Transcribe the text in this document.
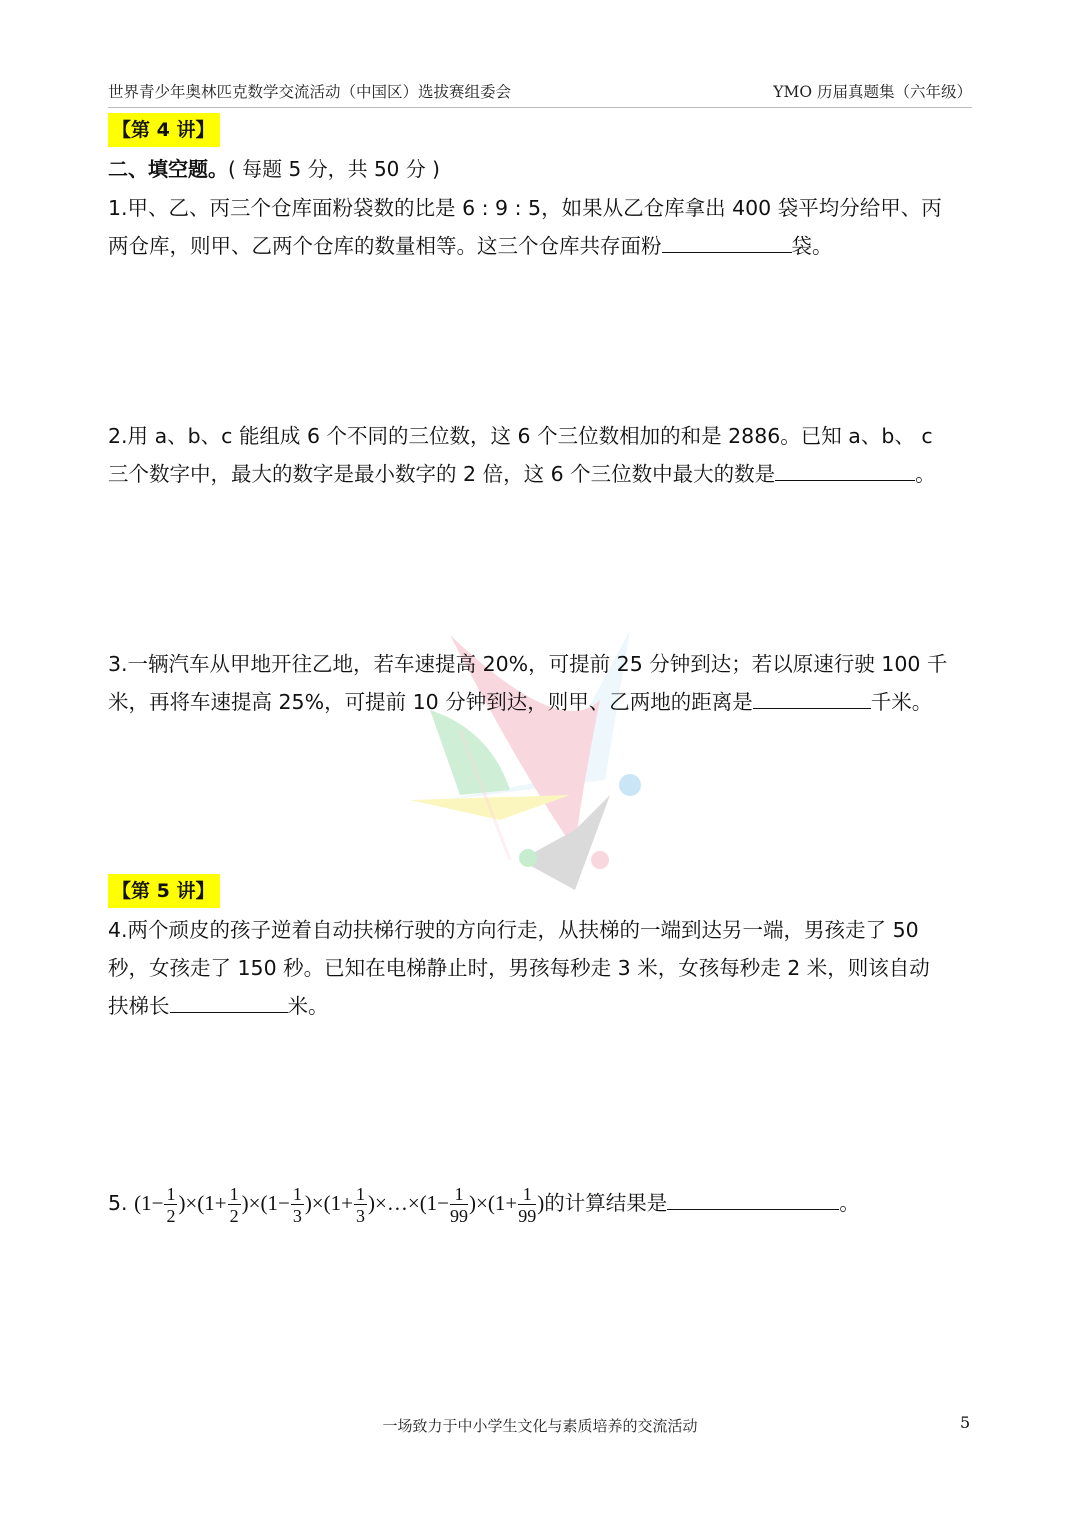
世界青少年奥林匹克数学交流活动（中国区）选拔赛组委会	YMO 历届真题集（六年级）
【第 4 讲】
二、填空题。( 每题 5 分，共 50 分 )
1.甲、乙、丙三个仓库面粉袋数的比是 6 : 9 : 5，如果从乙仓库拿出 400 袋平均分给甲、丙
两仓库，则甲、乙两个仓库的数量相等。这三个仓库共存面粉	袋。
2.用 a、b、c 能组成 6 个不同的三位数，这 6 个三位数相加的和是 2886。已知 a、b、 c
三个数字中，最大的数字是最小数字的 2 倍，这 6 个三位数中最大的数是	。
3.一辆汽车从甲地开往乙地，若车速提高 20%，可提前 25 分钟到达；若以原速行驶 100 千
米，再将车速提高 25%，可提前 10 分钟到达，则甲、乙两地的距离是	千米。
【第 5 讲】
4.两个顽皮的孩子逆着自动扶梯行驶的方向行走，从扶梯的一端到达另一端，男孩走了 50
秒，女孩走了 150 秒。已知在电梯静止时，男孩每秒走 3 米，女孩每秒走 2 米，则该自动
扶梯长	米。
5. $(1- \frac{1}{2} )\times(1+ \frac{1}{2} )\times(1- \frac{1}{3} )\times(1+ \frac{1}{3}$ )×…×(1− $\frac{1}{99} )\times(1+ \frac{1}{99}$ )的计算结果是	。
一场致力于中小学生文化与素质培养的交流活动	5
